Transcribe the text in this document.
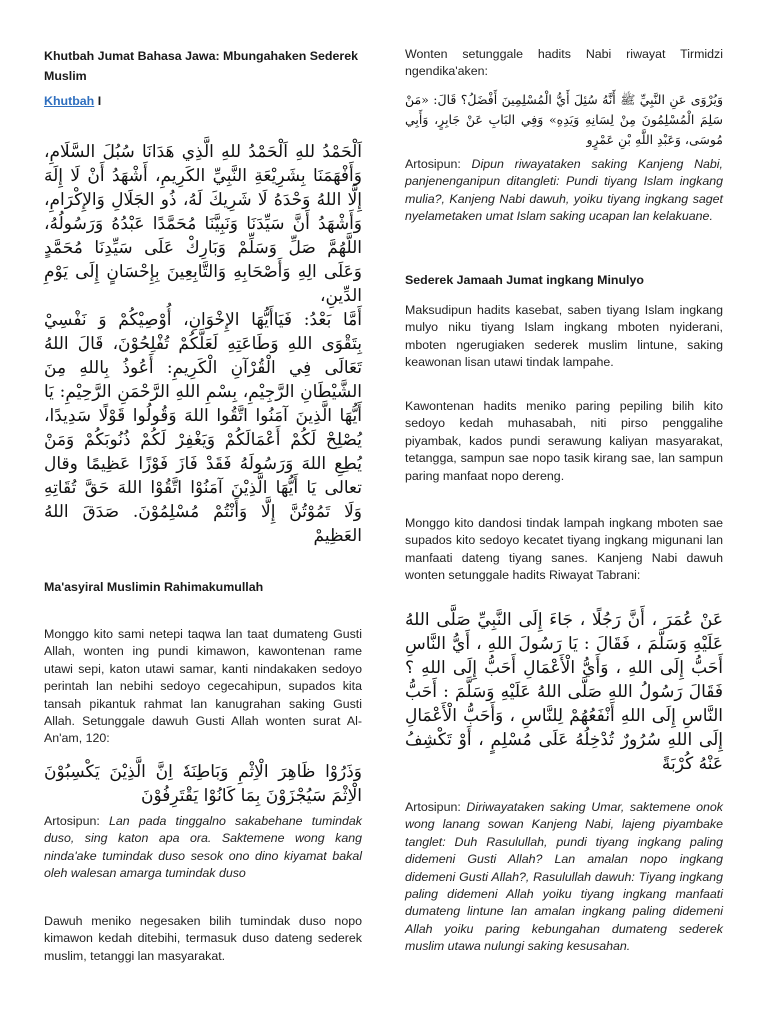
Khutbah Jumat Bahasa Jawa: Mbungahaken Sederek Muslim
Khutbah I
اَلْحَمْدُ للهِ اَلْحَمْدُ للهِ الَّذِي هَدَانَا سُبُلَ السَّلَامِ، وَأَفْهَمَنَا بِشَرِيْعَةِ النَّبِيِّ الكَرِيمِ، أَشْهَدُ أَنْ لَا إِلَهَ إِلَّا اللهُ وَحْدَهُ لَا شَرِيكَ لَهُ، ذُو الجَلَالِ وَالإِكْرَامِ، وَأَشْهَدُ أَنَّ سَيِّدَنَا وَنَبِيَّنَا مُحَمَّدًا عَبْدُهُ وَرَسُولُهُ، اللَّهُمَّ صَلِّ وَسَلِّمْ وَبَارِكْ عَلَى سَيِّدِنَا مُحَمَّدٍ وَعَلَى الِهِ وَأَصْحَابِهِ وَالتَّابِعِينَ بِإِحْسَانٍ إِلَى يَوْمِ الدِّينِ،
أَمَّا بَعْدُ: فَيَاأَيُّهَا الإِخْوَانِ، أُوْصِيْكُمْ وَ نَفْسِيْ بِتَقْوَى اللهِ وَطَاعَتِهِ لَعَلَّكُمْ تُفْلِحُوْنَ، قَالَ اللهُ تَعَالَى فِي الْقُرْآنِ الْكَرِيمِ: أَعُوذُ بِاللهِ مِنَ الشَّيْطَانِ الرَّجِيْمِ، بِسْمِ اللهِ الرَّحْمَنِ الرَّحِيْمِ: يَا أَيُّهَا الَّذِينَ آمَنُوا اتَّقُوا اللهَ وَقُولُوا قَوْلًا سَدِيدًا، يُصْلِحْ لَكُمْ أَعْمَالَكُمْ وَيَغْفِرْ لَكُمْ ذُنُوبَكُمْ وَمَنْ يُطِعِ اللهَ وَرَسُولَهُ فَقَدْ فَازَ فَوْزًا عَظِيمًا وقال تعالى يَا أَيُّهَا الَّذِيْنَ آمَنُوْا اتَّقُوْا اللهَ حَقَّ تُقَاتِهِ وَلَا تَمُوْتُنَّ إِلَّا وَأَنْتُمْ مُسْلِمُوْنَ. صَدَقَ اللهُ العَظِيمْ
Ma'asyiral Muslimin Rahimakumullah
Monggo kito sami netepi taqwa lan taat dumateng Gusti Allah, wonten ing pundi kimawon, kawontenan rame utawi sepi, katon utawi samar, kanti nindakaken sedoyo perintah lan nebihi sedoyo cegecahipun, supados kita tansah pikantuk rahmat lan kanugrahan saking Gusti Allah. Setunggale dawuh Gusti Allah wonten surat Al-An'am, 120:
وَذَرُوْا ظَاهِرَ الْاِثْمِ وَبَاطِنَهٗ اِنَّ الَّذِيْنَ يَكْسِبُوْنَ الْاِثْمَ سَيُجْزَوْنَ بِمَا كَانُوْا يَقْتَرِفُوْنَ
Artosipun: Lan pada tinggalno sakabehane tumindak duso, sing katon apa ora. Saktemene wong kang ninda'ake tumindak duso sesok ono dino kiyamat bakal oleh walesan amarga tumindak duso
Dawuh meniko negesaken bilih tumindak duso nopo kimawon kedah ditebihi, termasuk duso dateng sederek muslim, tetanggi lan masyarakat.
Wonten setunggale hadits Nabi riwayat Tirmidzi ngendika'aken:
وَيُرْوَى عَنِ النَّبِيِّ ﷺ أَنَّهُ سُئِلَ أَيُّ الْمُسْلِمِينَ أَفْضَلُ؟ قَالَ: «مَنْ سَلِمَ الْمُسْلِمُونَ مِنْ لِسَانِهِ وَيَدِهِ» وَفِي البَابِ عَنْ جَابِرٍ، وَأَبِي مُوسَى، وَعَبْدِ اللَّهِ بْنِ عَمْرٍو
Artosipun: Dipun riwayataken saking Kanjeng Nabi, panjenenganipun ditangleti: Pundi tiyang Islam ingkang mulia?, Kanjeng Nabi dawuh, yoiku tiyang ingkang saget nyelametaken umat Islam saking ucapan lan kelakuane.
Sederek Jamaah Jumat ingkang Minulyo
Maksudipun hadits kasebat, saben tiyang Islam ingkang mulyo niku tiyang Islam ingkang mboten nyiderani, mboten ngerugiaken sederek muslim lintune, saking keawonan lisan utawi tindak lampahe.
Kawontenan hadits meniko paring pepiling bilih kito sedoyo kedah muhasabah, niti pirso penggalihe piyambak, kados pundi serawung kaliyan masyarakat, tetangga, sampun sae nopo tasik kirang sae, lan sampun paring manfaat nopo dereng.
Monggo kito dandosi tindak lampah ingkang mboten sae supados kito sedoyo kecatet tiyang ingkang migunani lan manfaati dateng tiyang sanes. Kanjeng Nabi dawuh wonten setunggale hadits Riwayat Tabrani:
عَنْ عُمَرَ ، أَنَّ رَجُلًا ، جَاءَ إِلَى النَّبِيِّ صَلَّى اللهُ عَلَيْهِ وَسَلَّمَ ، فَقَالَ : يَا رَسُولَ اللهِ ، أَيُّ النَّاسِ أَحَبُّ إِلَى اللهِ ، وَأَيُّ الْأَعْمَالِ أَحَبُّ إِلَى اللهِ ؟ فَقَالَ رَسُولُ اللهِ صَلَّى اللهُ عَلَيْهِ وَسَلَّمَ : أَحَبُّ النَّاسِ إِلَى اللهِ أَنْفَعُهُمْ لِلنَّاسِ ، وَأَحَبُّ الْأَعْمَالِ إِلَى اللهِ سُرُورٌ تُدْخِلُهُ عَلَى مُسْلِمٍ ، أَوْ تَكْشِفُ عَنْهُ كُرْبَةً
Artosipun: Diriwayataken saking Umar, saktemene onok wong lanang sowan Kanjeng Nabi, lajeng piyambake tanglet: Duh Rasulullah, pundi tiyang ingkang paling didemeni Gusti Allah? Lan amalan nopo ingkang didemeni Gusti Allah?, Rasulullah dawuh: Tiyang ingkang paling didemeni Allah yoiku tiyang ingkang manfaati dumateng lintune lan amalan ingkang paling didemeni Allah yoiku paring kebungahan dumateng sederek muslim utawa nulungi saking kesusahan.
